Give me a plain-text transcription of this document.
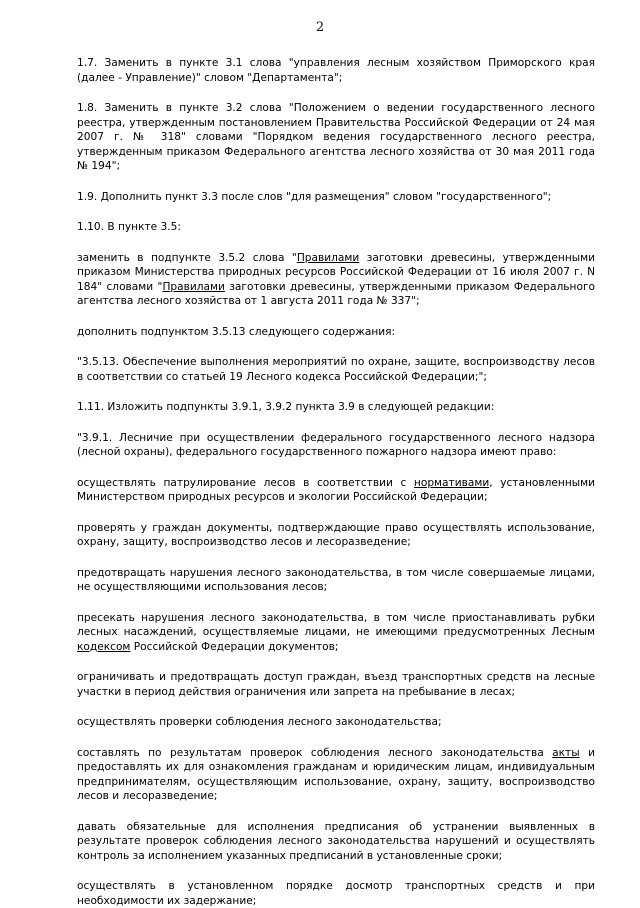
2

1.7. Заменить в пункте 3.1 слова "управления лесным хозяйством Приморского края (далее - Управление)" словом "Департамента";

1.8. Заменить в пункте 3.2 слова "Положением о ведении государственного лесного реестра, утвержденным постановлением Правительства Российской Федерации от 24 мая 2007 г. № 318" словами "Порядком ведения государственного лесного реестра, утвержденным приказом Федерального агентства лесного хозяйства от 30 мая 2011 года № 194";

1.9. Дополнить пункт 3.3 после слов "для размещения" словом "государственного";

1.10. В пункте 3.5:

заменить в подпункте 3.5.2 слова "Правилами заготовки древесины, утвержденными приказом Министерства природных ресурсов Российской Федерации от 16 июля 2007 г. N 184" словами "Правилами заготовки древесины, утвержденными приказом Федерального агентства лесного хозяйства от 1 августа 2011 года № 337";

дополнить подпунктом 3.5.13 следующего содержания:

"3.5.13. Обеспечение выполнения мероприятий по охране, защите, воспроизводству лесов в соответствии со статьей 19 Лесного кодекса Российской Федерации;";

1.11. Изложить подпункты 3.9.1, 3.9.2 пункта 3.9 в следующей редакции:

"3.9.1. Лесничие при осуществлении федерального государственного лесного надзора (лесной охраны), федерального государственного пожарного надзора имеют право:

осуществлять патрулирование лесов в соответствии с нормативами, установленными Министерством природных ресурсов и экологии Российской Федерации;

проверять у граждан документы, подтверждающие право осуществлять использование, охрану, защиту, воспроизводство лесов и лесоразведение;

предотвращать нарушения лесного законодательства, в том числе совершаемые лицами, не осуществляющими использования лесов;

пресекать нарушения лесного законодательства, в том числе приостанавливать рубки лесных насаждений, осуществляемые лицами, не имеющими предусмотренных Лесным кодексом Российской Федерации документов;

ограничивать и предотвращать доступ граждан, въезд транспортных средств на лесные участки в период действия ограничения или запрета на пребывание в лесах;

осуществлять проверки соблюдения лесного законодательства;

составлять по результатам проверок соблюдения лесного законодательства акты и предоставлять их для ознакомления гражданам и юридическим лицам, индивидуальным предпринимателям, осуществляющим использование, охрану, защиту, воспроизводство лесов и лесоразведение;

давать обязательные для исполнения предписания об устранении выявленных в результате проверок соблюдения лесного законодательства нарушений и осуществлять контроль за исполнением указанных предписаний в установленные сроки;

осуществлять в установленном порядке досмотр транспортных средств и при необходимости их задержание;
